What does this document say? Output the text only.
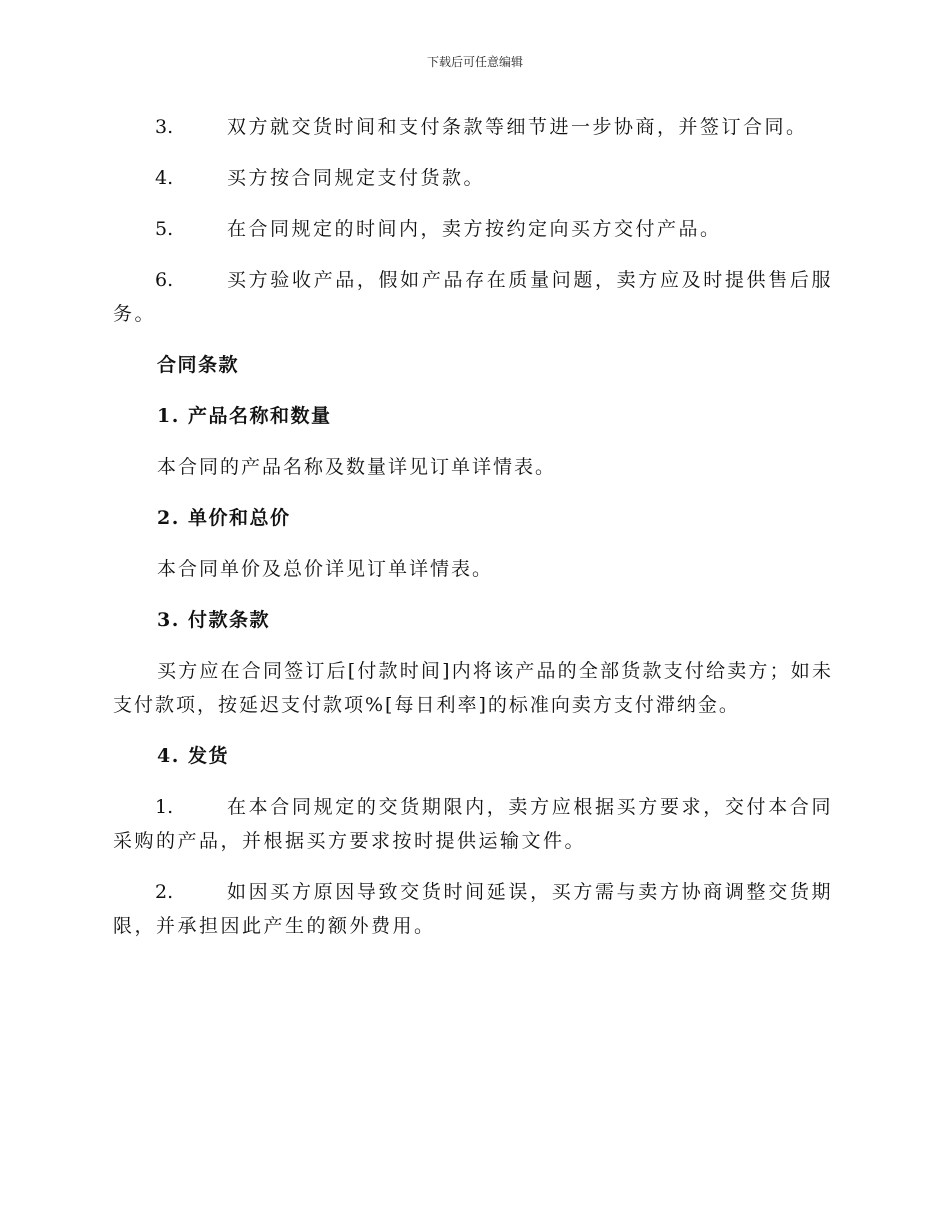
下载后可任意编辑
3.	双方就交货时间和支付条款等细节进一步协商，并签订合同。
4.	买方按合同规定支付货款。
5.	在合同规定的时间内，卖方按约定向买方交付产品。
6.	买方验收产品，假如产品存在质量问题，卖方应及时提供售后服务。
合同条款
1. 产品名称和数量
本合同的产品名称及数量详见订单详情表。
2. 单价和总价
本合同单价及总价详见订单详情表。
3. 付款条款
买方应在合同签订后[付款时间]内将该产品的全部货款支付给卖方；如未支付款项，按延迟支付款项%[每日利率]的标准向卖方支付滞纳金。
4. 发货
1.	在本合同规定的交货期限内，卖方应根据买方要求，交付本合同采购的产品，并根据买方要求按时提供运输文件。
2.	如因买方原因导致交货时间延误，买方需与卖方协商调整交货期限，并承担因此产生的额外费用。
